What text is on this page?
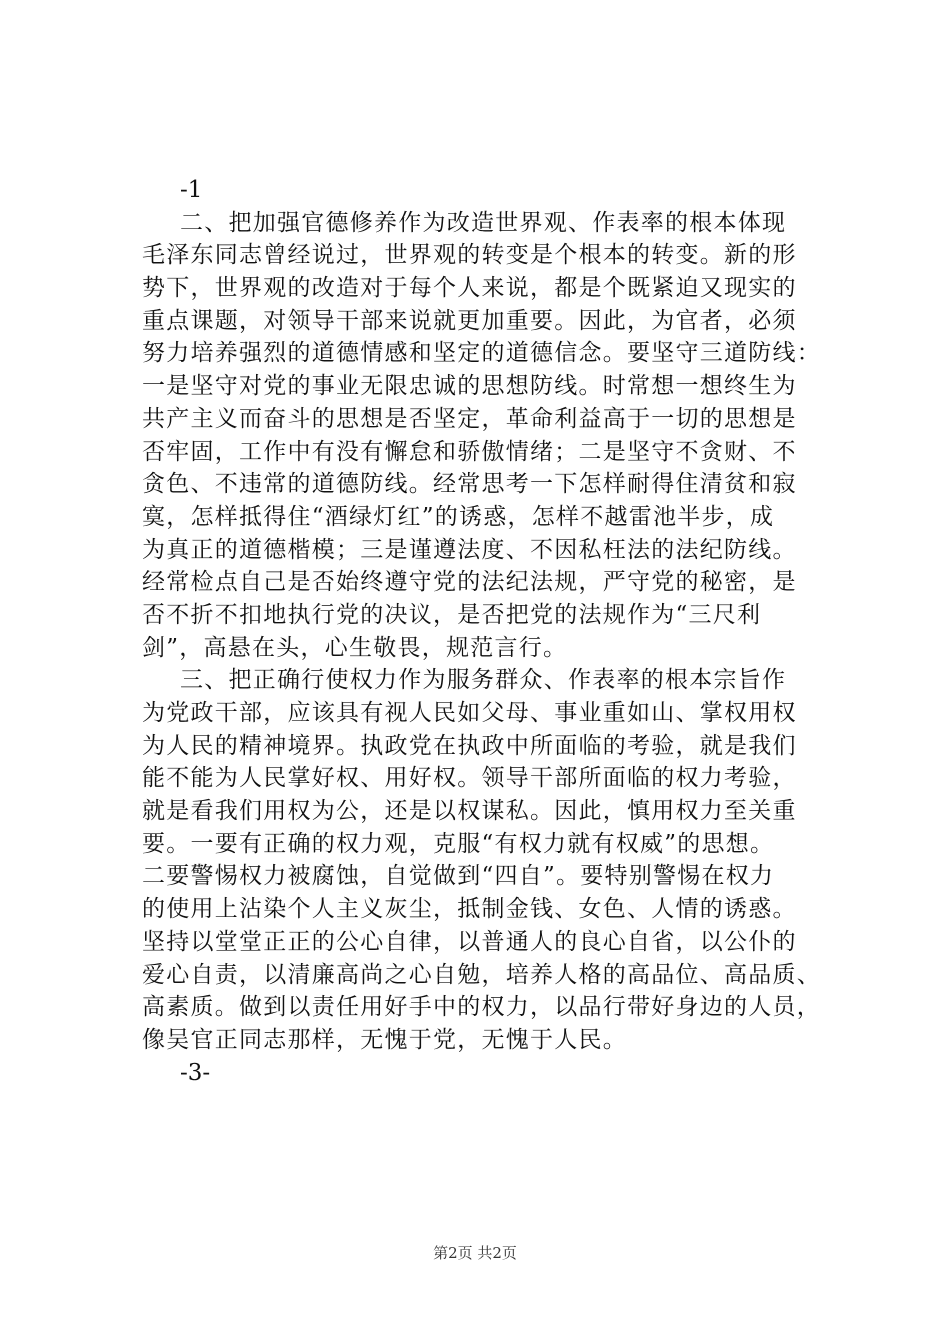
-1
二、把加强官德修养作为改造世界观、作表率的根本体现
毛泽东同志曾经说过，世界观的转变是个根本的转变。新的形
势下，世界观的改造对于每个人来说，都是个既紧迫又现实的
重点课题，对领导干部来说就更加重要。因此，为官者，必须
努力培养强烈的道德情感和坚定的道德信念。要坚守三道防线：
一是坚守对党的事业无限忠诚的思想防线。时常想一想终生为
共产主义而奋斗的思想是否坚定，革命利益高于一切的思想是
否牢固，工作中有没有懈怠和骄傲情绪；二是坚守不贪财、不
贪色、不违常的道德防线。经常思考一下怎样耐得住清贫和寂
寞，怎样抵得住“酒绿灯红”的诱惑，怎样不越雷池半步，成
为真正的道德楷模；三是谨遵法度、不因私枉法的法纪防线。
经常检点自己是否始终遵守党的法纪法规，严守党的秘密，是
否不折不扣地执行党的决议，是否把党的法规作为“三尺利
剑”，高悬在头，心生敬畏，规范言行。
三、把正确行使权力作为服务群众、作表率的根本宗旨作
为党政干部，应该具有视人民如父母、事业重如山、掌权用权
为人民的精神境界。执政党在执政中所面临的考验，就是我们
能不能为人民掌好权、用好权。领导干部所面临的权力考验，
就是看我们用权为公，还是以权谋私。因此，慎用权力至关重
要。一要有正确的权力观，克服“有权力就有权威”的思想。
二要警惕权力被腐蚀，自觉做到“四自”。要特别警惕在权力
的使用上沾染个人主义灰尘，抵制金钱、女色、人情的诱惑。
坚持以堂堂正正的公心自律，以普通人的良心自省，以公仆的
爱心自责，以清廉高尚之心自勉，培养人格的高品位、高品质、
高素质。做到以责任用好手中的权力，以品行带好身边的人员，
像吴官正同志那样，无愧于党，无愧于人民。
-3-
第2页 共2页
